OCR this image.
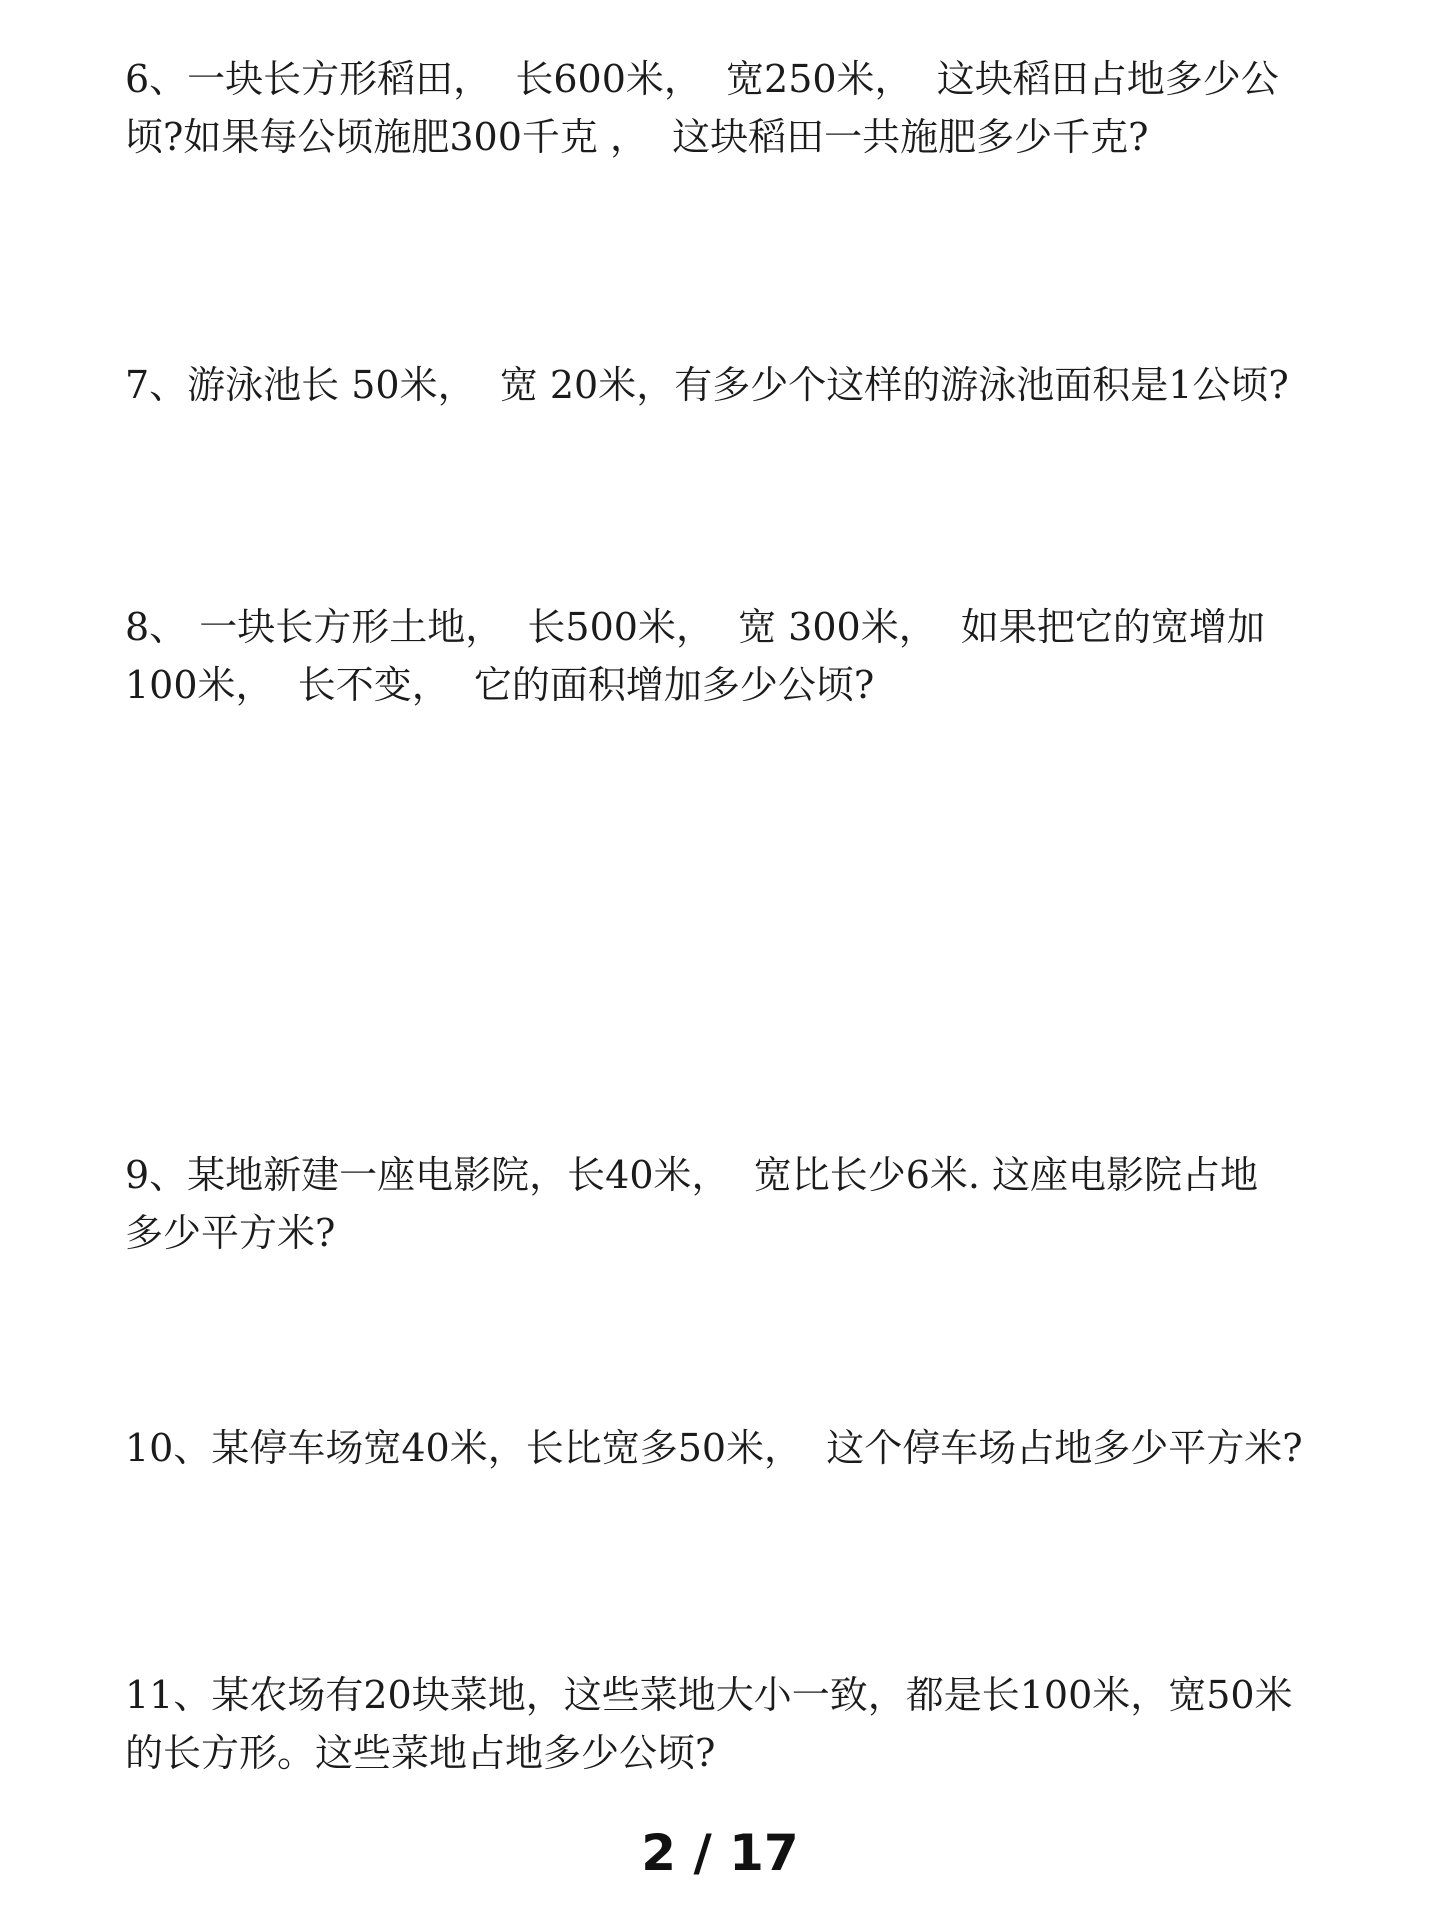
6、一块长方形稻田，  长600米，  宽250米，  这块稻田占地多少公
顷?如果每公顷施肥300千克 ，  这块稻田一共施肥多少千克?
7、游泳池长 50米，  宽 20米，有多少个这样的游泳池面积是1公顷?
8、 一块长方形土地，  长500米，  宽 300米，  如果把它的宽增加
100米，  长不变，  它的面积增加多少公顷?
9、某地新建一座电影院，长40米，  宽比长少6米. 这座电影院占地
多少平方米?
10、某停车场宽40米，长比宽多50米，  这个停车场占地多少平方米?
11、某农场有20块菜地，这些菜地大小一致，都是长100米，宽50米
的长方形。这些菜地占地多少公顷?
2 / 17
